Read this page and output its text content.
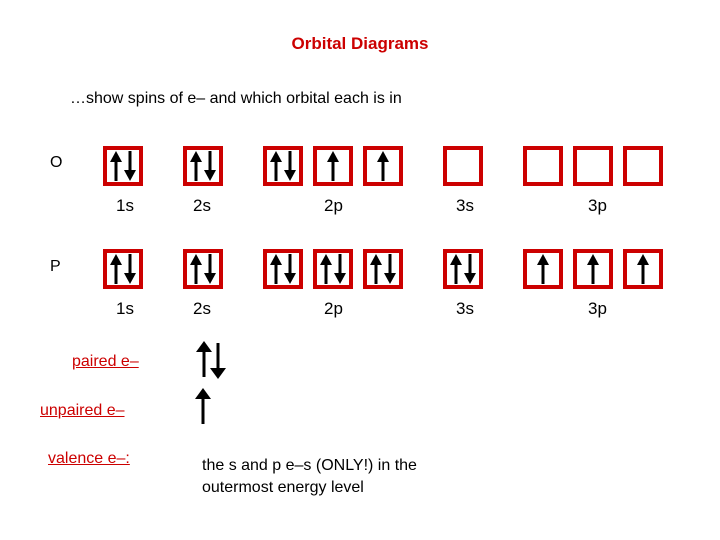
Orbital Diagrams
…show spins of e– and which orbital each is in
O
1s	2s	2p	3s	3p
P
1s	2s	2p	3s	3p
paired e–
unpaired e–
valence e–:	the s and p e–s (ONLY!) in the
outermost energy level
